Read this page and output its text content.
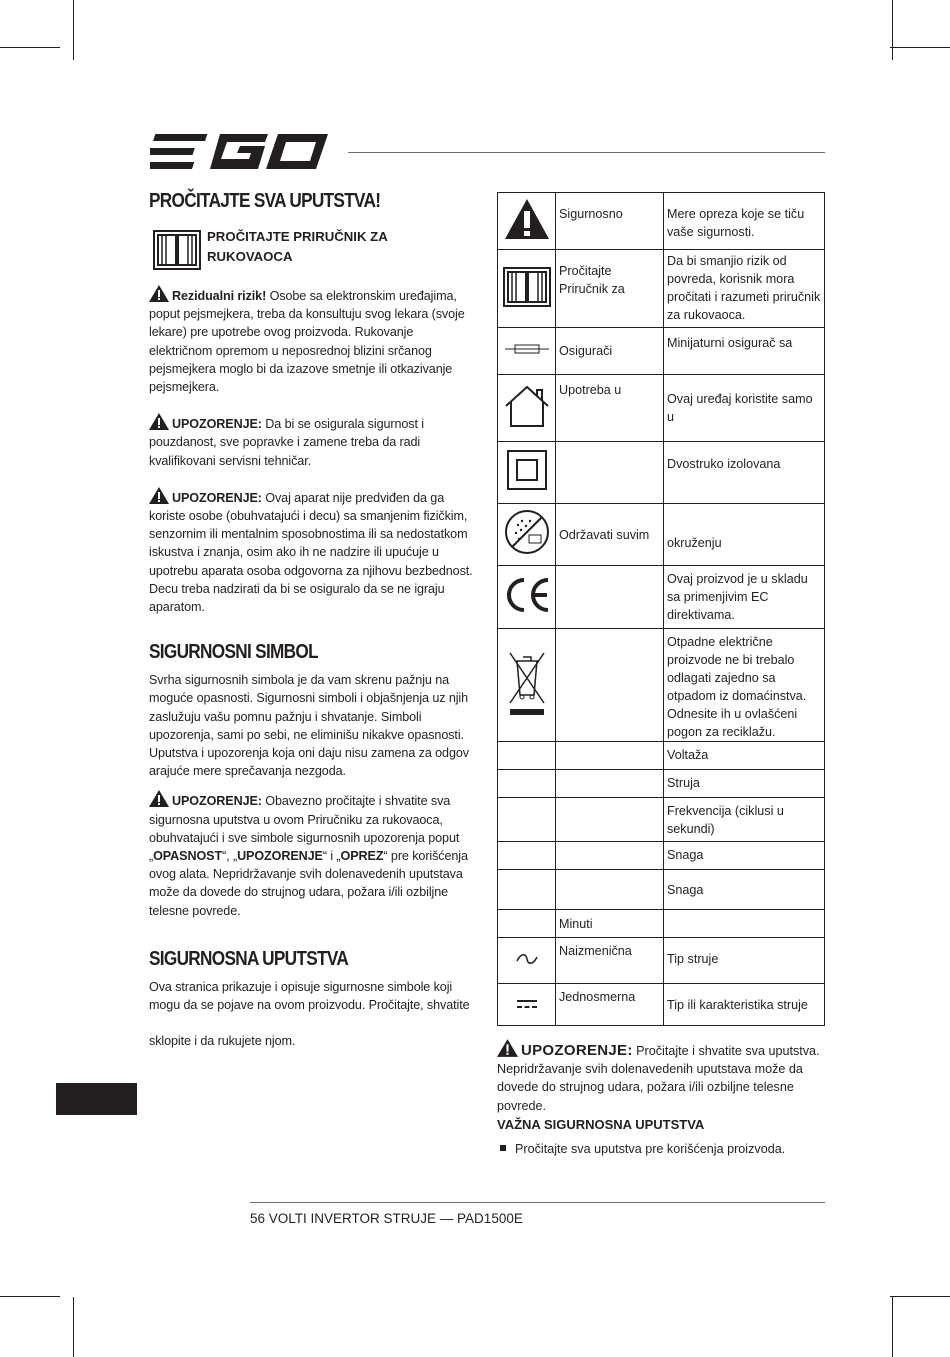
PROČITAJTE SVA UPUTSTVA!
PROČITAJTE PRIRUČNIK ZA
RUKOVAOCA

Rezidualni rizik! Osobe sa elektronskim uređajima, poput pejsmejkera, treba da konsultuju svog lekara (svoje lekare) pre upotrebe ovog proizvoda. Rukovanje električnom opremom u neposrednoj blizini srčanog pejsmejkera moglo bi da izazove smetnje ili otkazivanje pejsmejkera.

UPOZORENJE: Da bi se osigurala sigurnost i pouzdanost, sve popravke i zamene treba da radi kvalifikovani servisni tehničar.

UPOZORENJE: Ovaj aparat nije predviđen da ga koriste osobe (obuhvatajući i decu) sa smanjenim fizičkim, senzornim ili mentalnim sposobnostima ili sa nedostatkom iskustva i znanja, osim ako ih ne nadzire ili upućuje u upotrebu aparata osoba odgovorna za njihovu bezbednost. Decu treba nadzirati da bi se osiguralo da se ne igraju aparatom.

SIGURNOSNI SIMBOL

Svrha sigurnosnih simbola je da vam skrenu pažnju na moguće opasnosti. Sigurnosni simboli i objašnjenja uz njih zaslužuju vašu pomnu pažnju i shvatanje. Simboli upozorenja, sami po sebi, ne eliminišu nikakve opasnosti. Uputstva i upozorenja koja oni daju nisu zamena za odgov arajuće mere sprečavanja nezgoda.

UPOZORENJE: Obavezno pročitajte i shvatite sva sigurnosna uputstva u ovom Priručniku za rukovaoca, obuhvatajući i sve simbole sigurnosnih upozorenja poput „OPASNOST“, „UPOZORENJE“ i „OPREZ“ pre korišćenja ovog alata. Nepridržavanje svih dolenavedenih uputstava može da dovede do strujnog udara, požara i/ili ozbiljne telesne povrede.

SIGURNOSNA UPUTSTVA

Ova stranica prikazuje i opisuje sigurnosne simbole koji mogu da se pojave na ovom proizvodu. Pročitajte, shvatite

sklopite i da rukujete njom.

	Sigurnosno	Mere opreza koje se tiču vaše sigurnosti.
	Pročitajte Priručnik za	Da bi smanjio rizik od povreda, korisnik mora pročitati i razumeti priručnik za rukovaoca.
	Osigurači	Minijaturni osigurač sa
	Upotreba u	Ovaj uređaj koristite samo u
		Dvostruko izolovana
	Održavati suvim	okruženju
		Ovaj proizvod je u skladu sa primenjivim EC direktivama.
		Otpadne električne proizvode ne bi trebalo odlagati zajedno sa otpadom iz domaćinstva. Odnesite ih u ovlašćeni pogon za reciklažu.
		Voltaža
		Struja
		Frekvencija (ciklusi u sekundi)
		Snaga
		Snaga
	Minuti	
	Naizmenična	Tip struje
	Jednosmerna	Tip ili karakteristika struje
UPOZORENJE: Pročitajte i shvatite sva uputstva.
Nepridržavanje svih dolenavedenih uputstava može da dovede do strujnog udara, požara i/ili ozbiljne telesne povrede.
VAŽNA SIGURNOSNA UPUTSTVA
Pročitajte sva uputstva pre korišćenja proizvoda.
56 VOLTI INVERTOR STRUJE — PAD1500E
